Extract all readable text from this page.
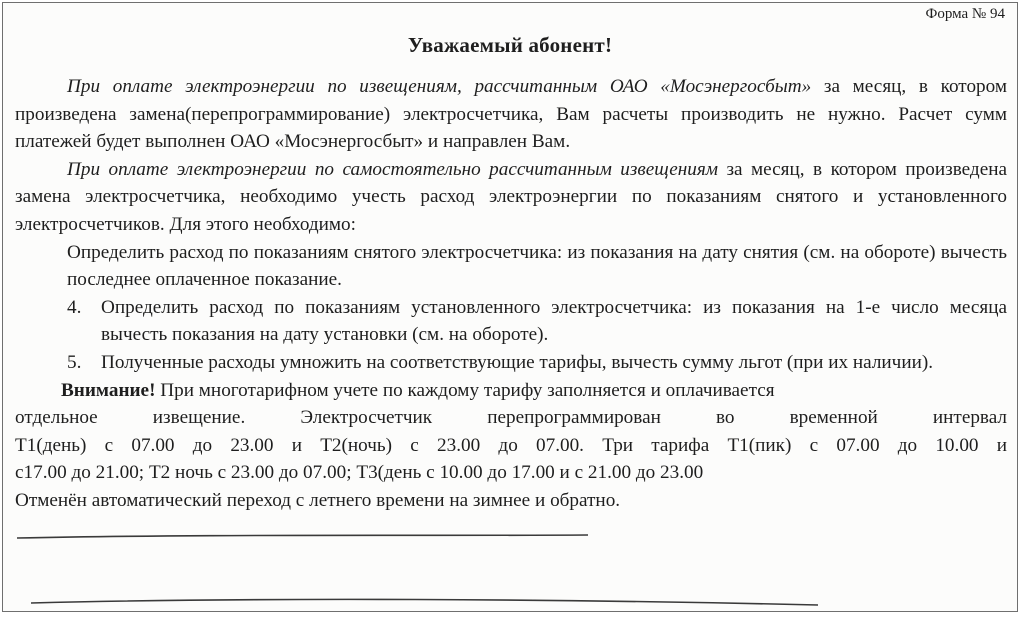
Форма № 94
Уважаемый абонент!

При оплате электроэнергии по извещениям, рассчитанным ОАО «Мосэнергосбыт» за месяц, в котором произведена замена(перепрограммирование) электросчетчика, Вам расчеты производить не нужно. Расчет сумм платежей будет выполнен ОАО «Мосэнергосбыт» и направлен Вам.

При оплате электроэнергии по самостоятельно рассчитанным извещениям за месяц, в котором произведена замена электросчетчика, необходимо учесть расход электроэнергии по показаниям снятого и установленного электросчетчиков. Для этого необходимо:

Определить расход по показаниям снятого электросчетчика: из показания на дату снятия (см. на обороте) вычесть последнее оплаченное показание.

4.	Определить расход по показаниям установленного электросчетчика: из показания на 1-е число месяца вычесть показания на дату установки (см. на обороте).
5.	Полученные расходы умножить на соответствующие тарифы, вычесть сумму льгот (при их наличии).
Внимание! При многотарифном учете по каждому тарифу заполняется и оплачивается
отдельное извещение. Электросчетчик перепрограммирован во временной интервал
Т1(день) с 07.00 до 23.00 и Т2(ночь) с 23.00 до 07.00. Три тарифа Т1(пик) с 07.00 до 10.00 и
с17.00 до 21.00; Т2 ночь с 23.00 до 07.00; Т3(день с 10.00 до 17.00 и с 21.00 до 23.00
Отменён автоматический переход с летнего времени на зимнее и обратно.
